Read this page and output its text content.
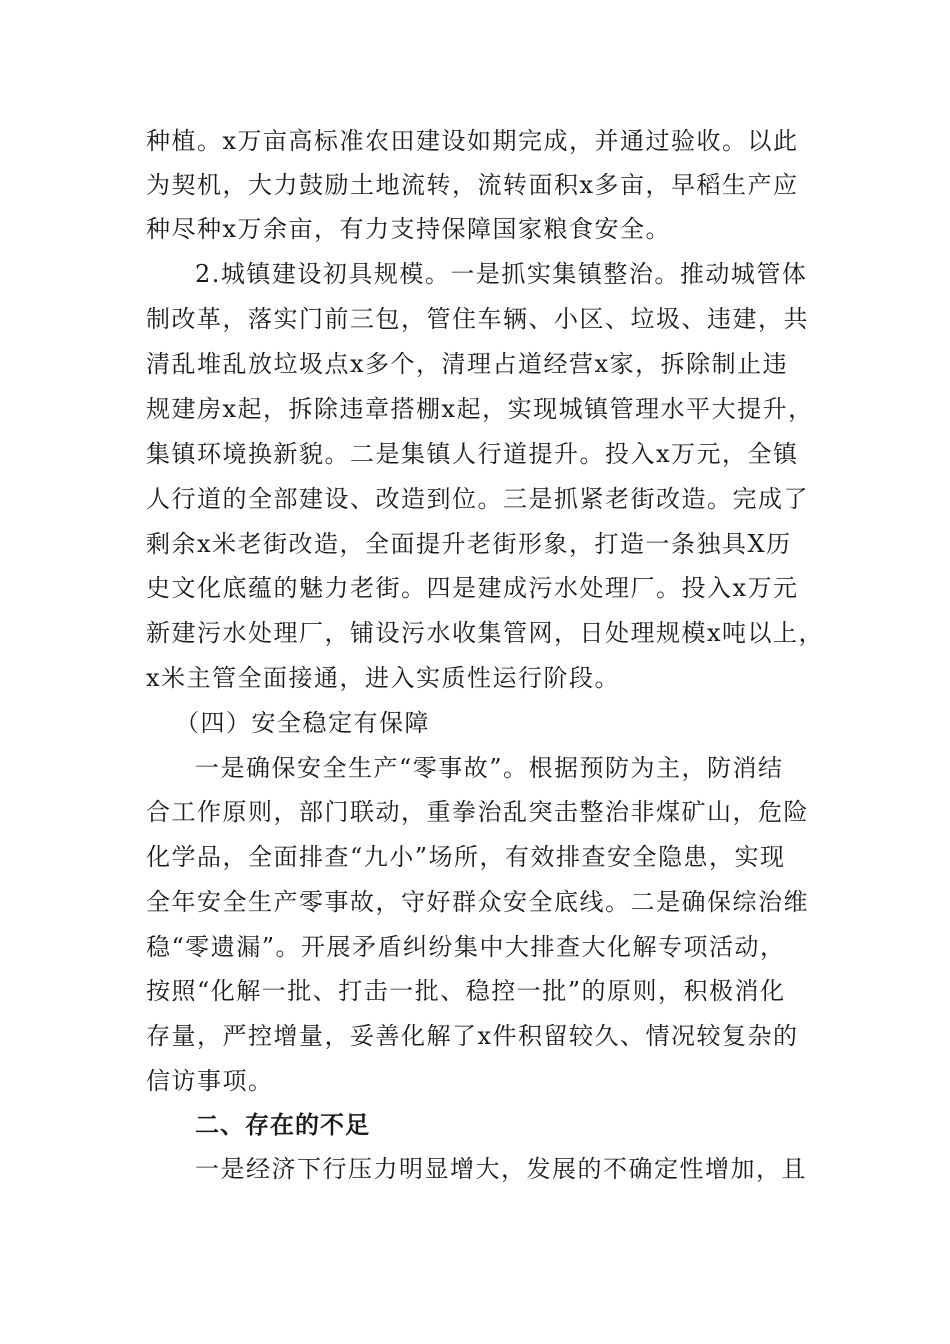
种植。x万亩高标准农田建设如期完成，并通过验收。以此
为契机，大力鼓励土地流转，流转面积x多亩，早稻生产应
种尽种x万余亩，有力支持保障国家粮食安全。
2.城镇建设初具规模。一是抓实集镇整治。推动城管体
制改革，落实门前三包，管住车辆、小区、垃圾、违建，共
清乱堆乱放垃圾点x多个，清理占道经营x家，拆除制止违
规建房x起，拆除违章搭棚x起，实现城镇管理水平大提升，
集镇环境换新貌。二是集镇人行道提升。投入x万元，全镇
人行道的全部建设、改造到位。三是抓紧老街改造。完成了
剩余x米老街改造，全面提升老街形象，打造一条独具X历
史文化底蕴的魅力老街。四是建成污水处理厂。投入x万元
新建污水处理厂，铺设污水收集管网，日处理规模x吨以上，
x米主管全面接通，进入实质性运行阶段。
（四）安全稳定有保障
一是确保安全生产“零事故”。根据预防为主，防消结
合工作原则，部门联动，重拳治乱突击整治非煤矿山，危险
化学品，全面排查“九小”场所，有效排查安全隐患，实现
全年安全生产零事故，守好群众安全底线。二是确保综治维
稳“零遗漏”。开展矛盾纠纷集中大排查大化解专项活动，
按照“化解一批、打击一批、稳控一批”的原则，积极消化
存量，严控增量，妥善化解了x件积留较久、情况较复杂的
信访事项。
二、存在的不足
一是经济下行压力明显增大，发展的不确定性增加，且
